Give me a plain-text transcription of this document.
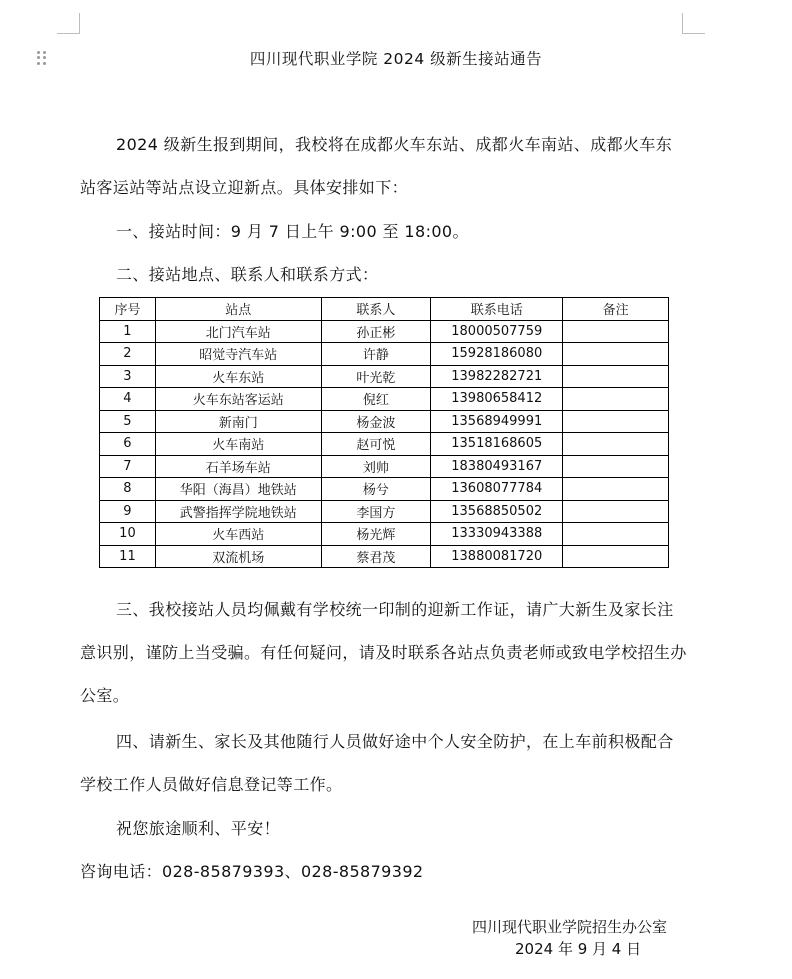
四川现代职业学院 2024 级新生接站通告
2024 级新生报到期间，我校将在成都火车东站、成都火车南站、成都火车东站客运站等站点设立迎新点。具体安排如下：
一、接站时间：9 月 7 日上午 9:00 至 18:00。
二、接站地点、联系人和联系方式：
序号	站点	联系人	联系电话	备注
1	北门汽车站	孙正彬	18000507759	
2	昭觉寺汽车站	许静	15928186080	
3	火车东站	叶光乾	13982282721	
4	火车东站客运站	倪红	13980658412	
5	新南门	杨金波	13568949991	
6	火车南站	赵可悦	13518168605	
7	石羊场车站	刘帅	18380493167	
8	华阳（海昌）地铁站	杨兮	13608077784	
9	武警指挥学院地铁站	李国方	13568850502	
10	火车西站	杨光辉	13330943388	
11	双流机场	蔡君茂	13880081720	
三、我校接站人员均佩戴有学校统一印制的迎新工作证，请广大新生及家长注意识别，谨防上当受骗。有任何疑问，请及时联系各站点负责老师或致电学校招生办公室。
四、请新生、家长及其他随行人员做好途中个人安全防护，在上车前积极配合学校工作人员做好信息登记等工作。
祝您旅途顺利、平安！
咨询电话：028-85879393、028-85879392
四川现代职业学院招生办公室
2024 年 9 月 4 日
